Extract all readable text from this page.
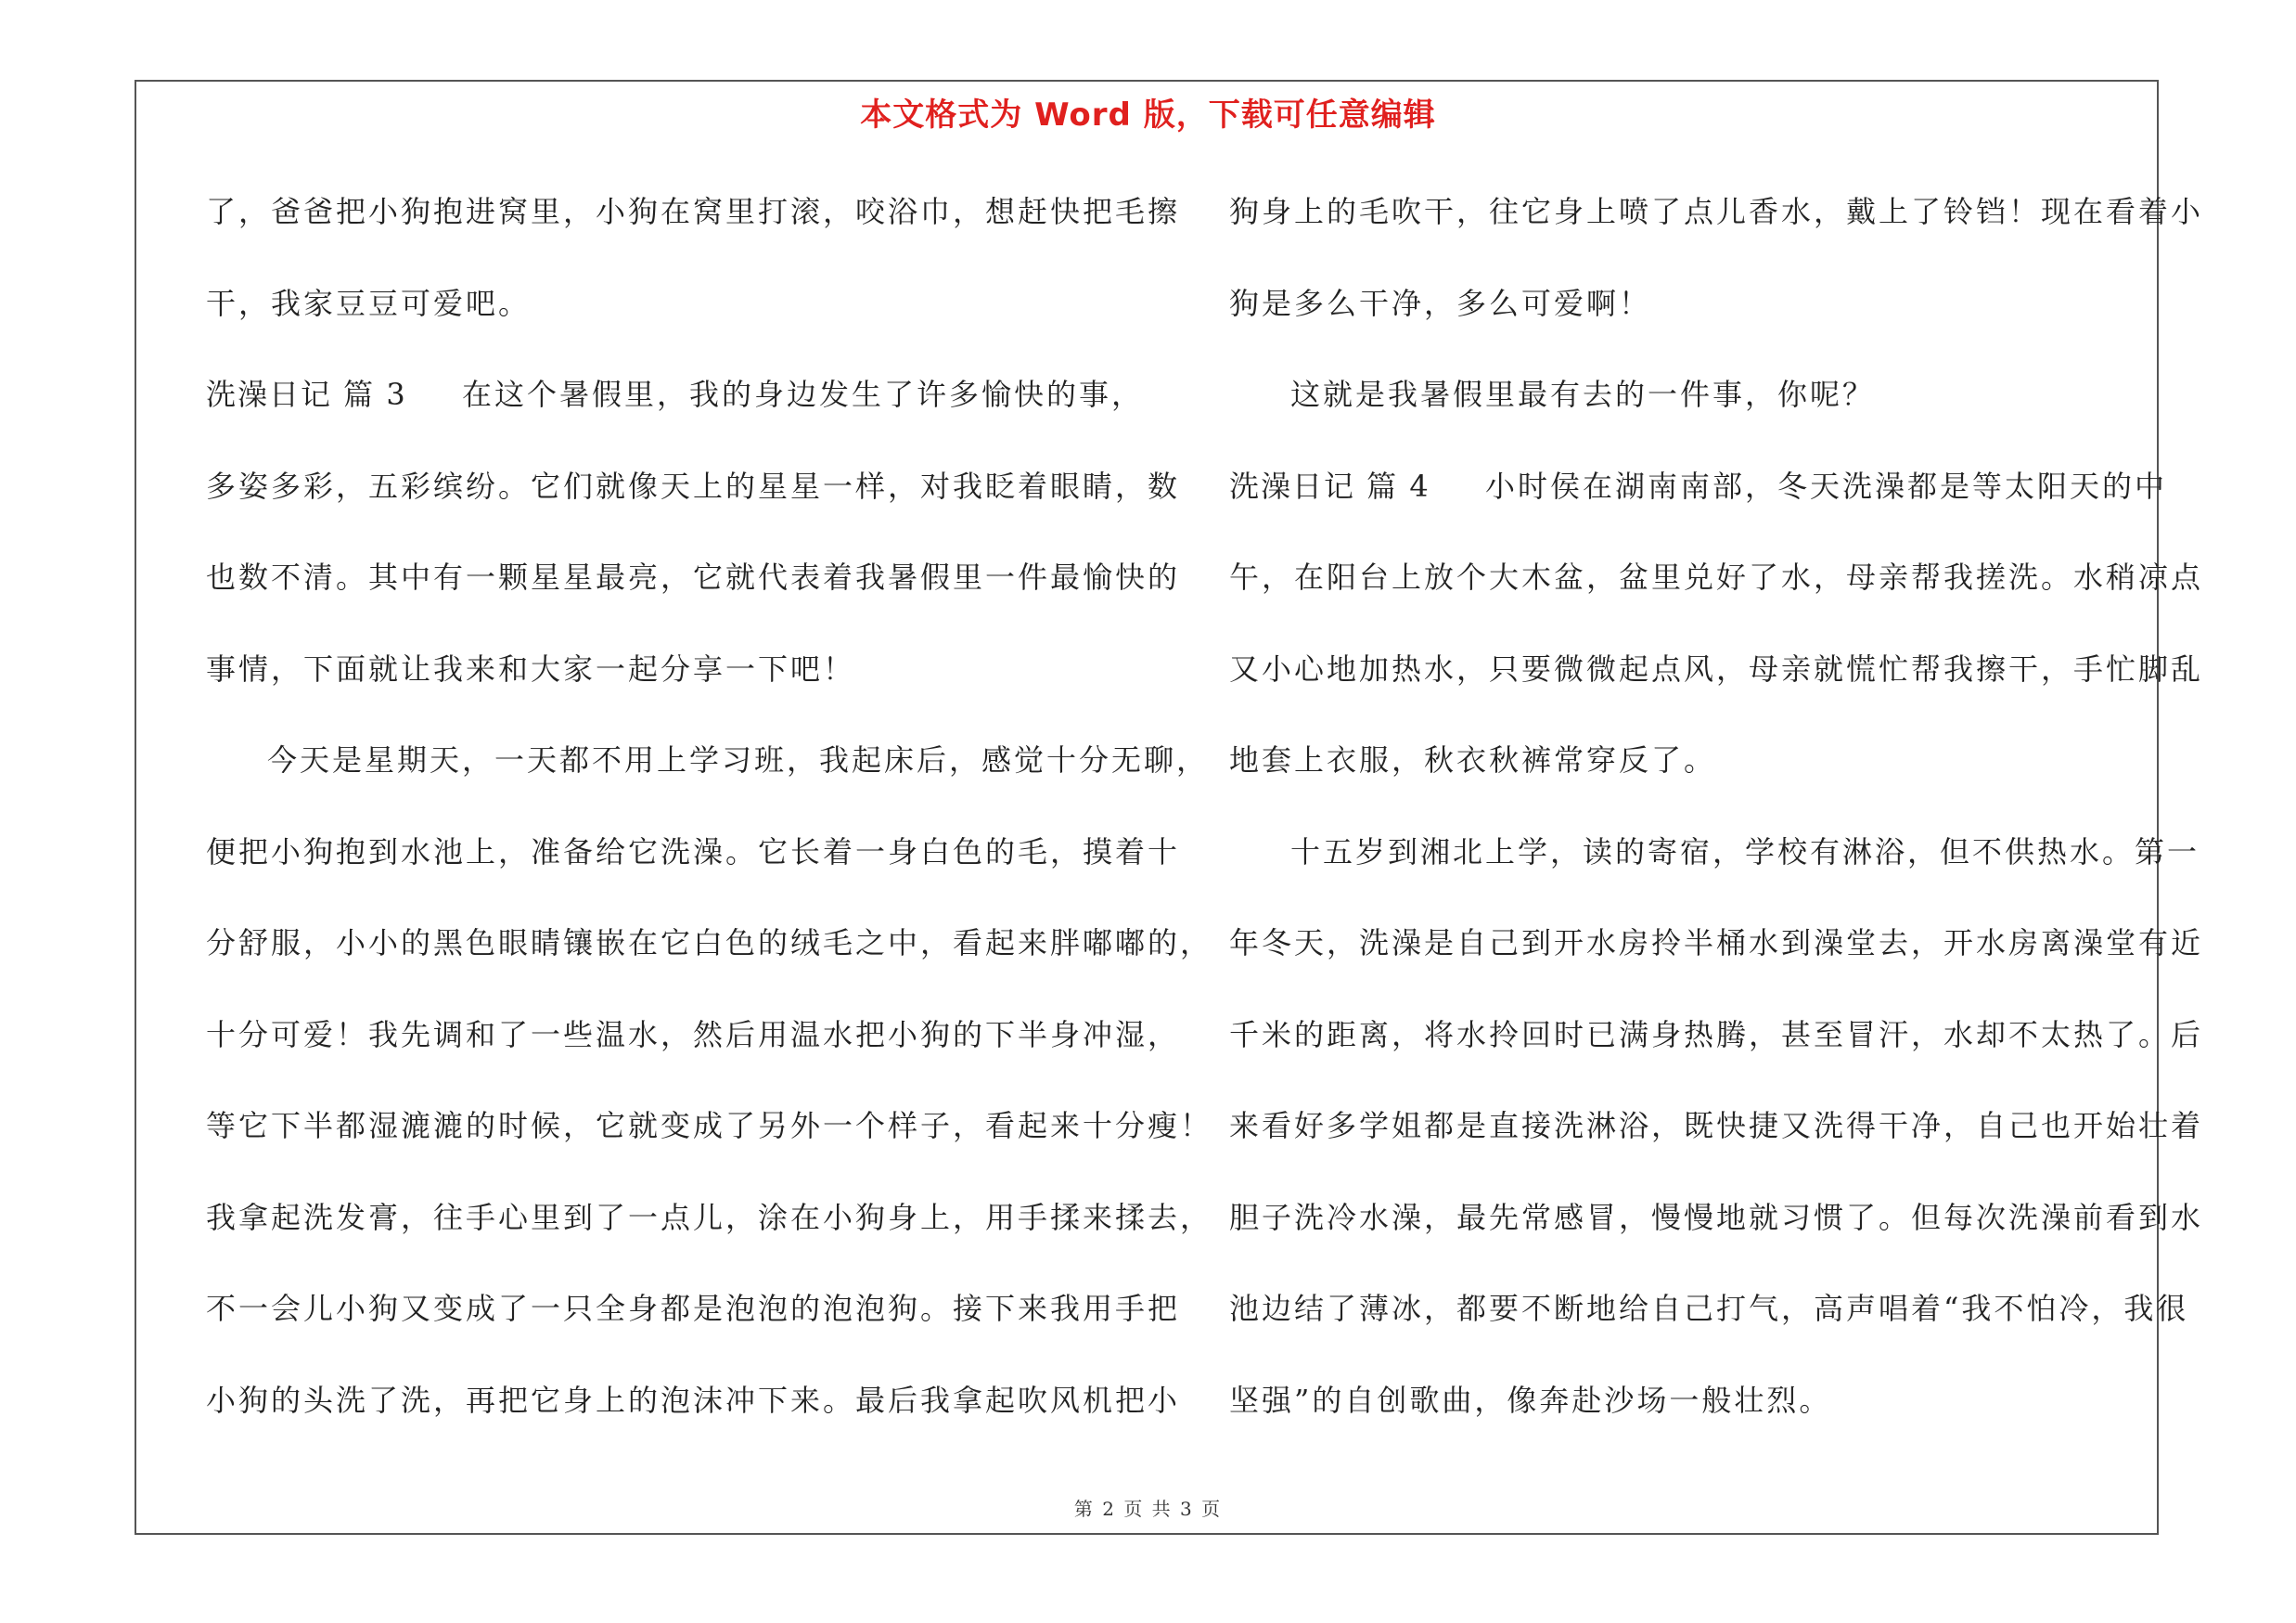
本文格式为 Word 版，下载可任意编辑
了，爸爸把小狗抱进窝里，小狗在窝里打滚，咬浴巾，想赶快把毛擦
干，我家豆豆可爱吧。
洗澡日记 篇 3 在这个暑假里，我的身边发生了许多愉快的事，
多姿多彩，五彩缤纷。它们就像天上的星星一样，对我眨着眼睛，数
也数不清。其中有一颗星星最亮，它就代表着我暑假里一件最愉快的
事情，下面就让我来和大家一起分享一下吧！
今天是星期天，一天都不用上学习班，我起床后，感觉十分无聊，
便把小狗抱到水池上，准备给它洗澡。它长着一身白色的毛，摸着十
分舒服，小小的黑色眼睛镶嵌在它白色的绒毛之中，看起来胖嘟嘟的，
十分可爱！我先调和了一些温水，然后用温水把小狗的下半身冲湿，
等它下半都湿漉漉的时候，它就变成了另外一个样子，看起来十分瘦！
我拿起洗发膏，往手心里到了一点儿，涂在小狗身上，用手揉来揉去，
不一会儿小狗又变成了一只全身都是泡泡的泡泡狗。接下来我用手把
小狗的头洗了洗，再把它身上的泡沫冲下来。最后我拿起吹风机把小
狗身上的毛吹干，往它身上喷了点儿香水，戴上了铃铛！现在看着小
狗是多么干净，多么可爱啊！
这就是我暑假里最有去的一件事，你呢？
洗澡日记 篇 4 小时侯在湖南南部，冬天洗澡都是等太阳天的中
午，在阳台上放个大木盆，盆里兑好了水，母亲帮我搓洗。水稍凉点
又小心地加热水，只要微微起点风，母亲就慌忙帮我擦干，手忙脚乱
地套上衣服，秋衣秋裤常穿反了。
十五岁到湘北上学，读的寄宿，学校有淋浴，但不供热水。第一
年冬天，洗澡是自己到开水房拎半桶水到澡堂去，开水房离澡堂有近
千米的距离，将水拎回时已满身热腾，甚至冒汗，水却不太热了。后
来看好多学姐都是直接洗淋浴，既快捷又洗得干净，自己也开始壮着
胆子洗冷水澡，最先常感冒，慢慢地就习惯了。但每次洗澡前看到水
池边结了薄冰，都要不断地给自己打气，高声唱着“我不怕冷，我很
坚强”的自创歌曲，像奔赴沙场一般壮烈。
第 2 页 共 3 页
